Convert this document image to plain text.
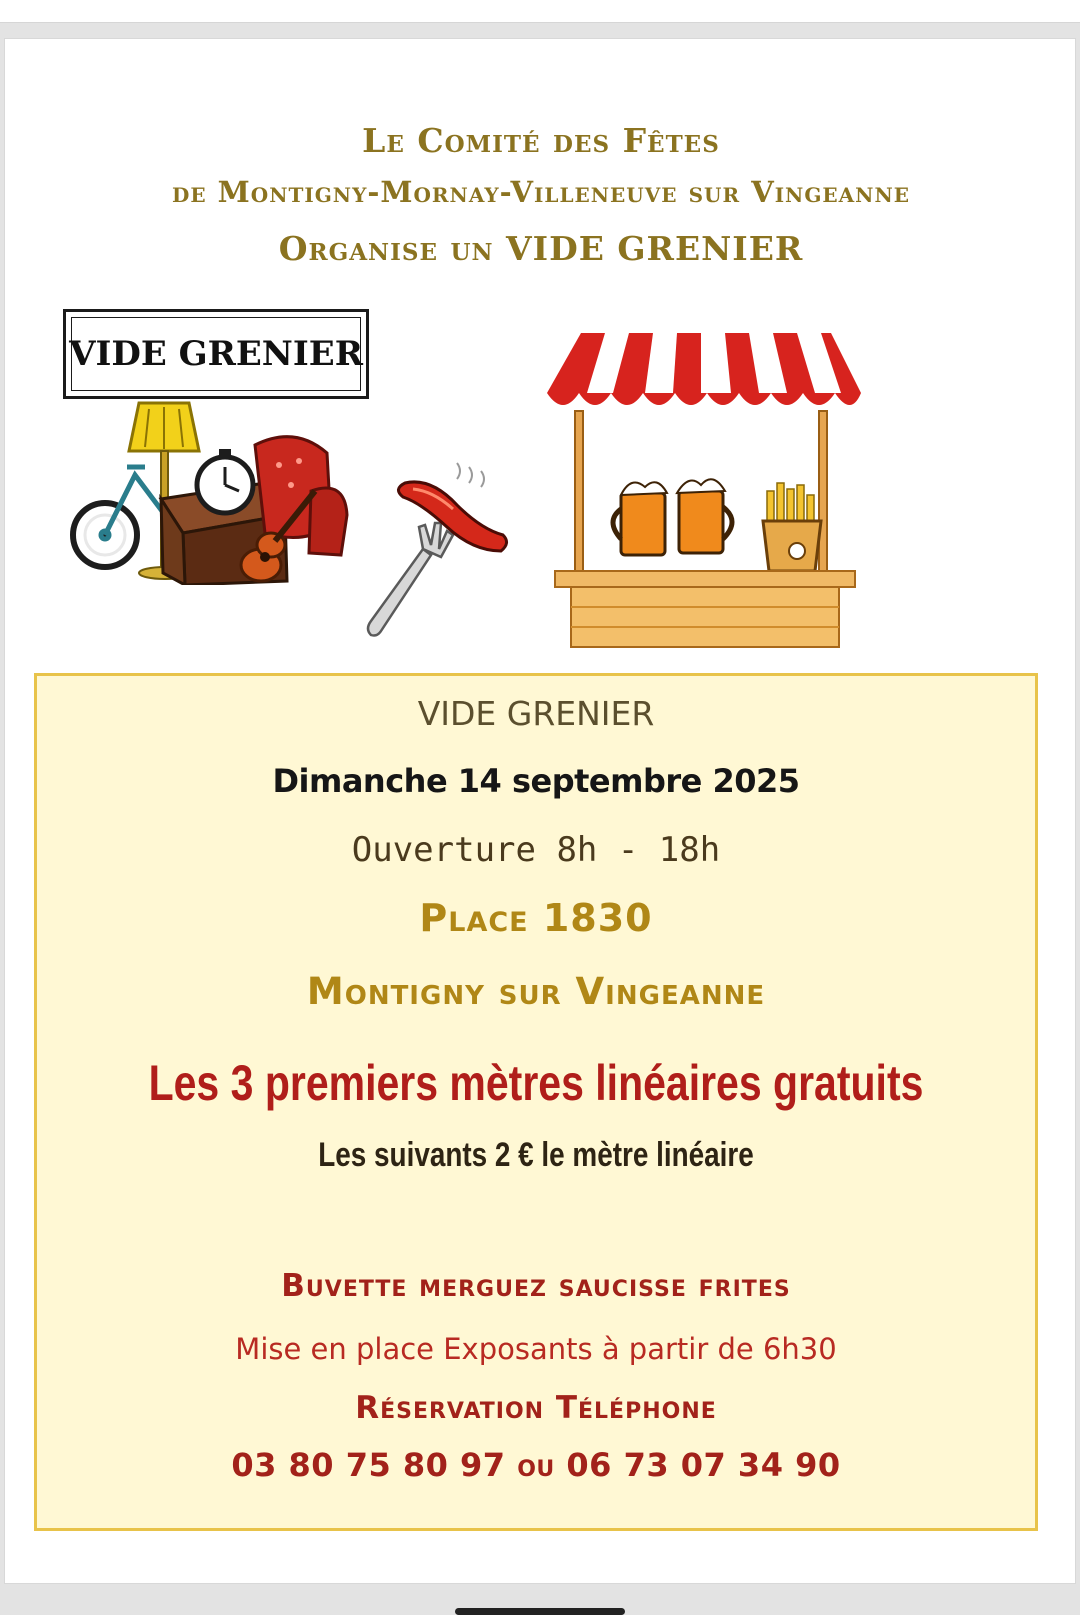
Le Comité des Fêtes
de Montigny-Mornay-Villeneuve sur Vingeanne
Organise un VIDE GRENIER
VIDE GRENIER
VIDE GRENIER
Dimanche 14 septembre 2025
Ouverture 8h - 18h
Place 1830
Montigny sur Vingeanne
Les 3 premiers mètres linéaires gratuits
Les suivants 2 € le mètre linéaire
Buvette merguez saucisse frites
Mise en place Exposants à partir de 6h30
Réservation Téléphone
03 80 75 80 97 ou 06 73 07 34 90
